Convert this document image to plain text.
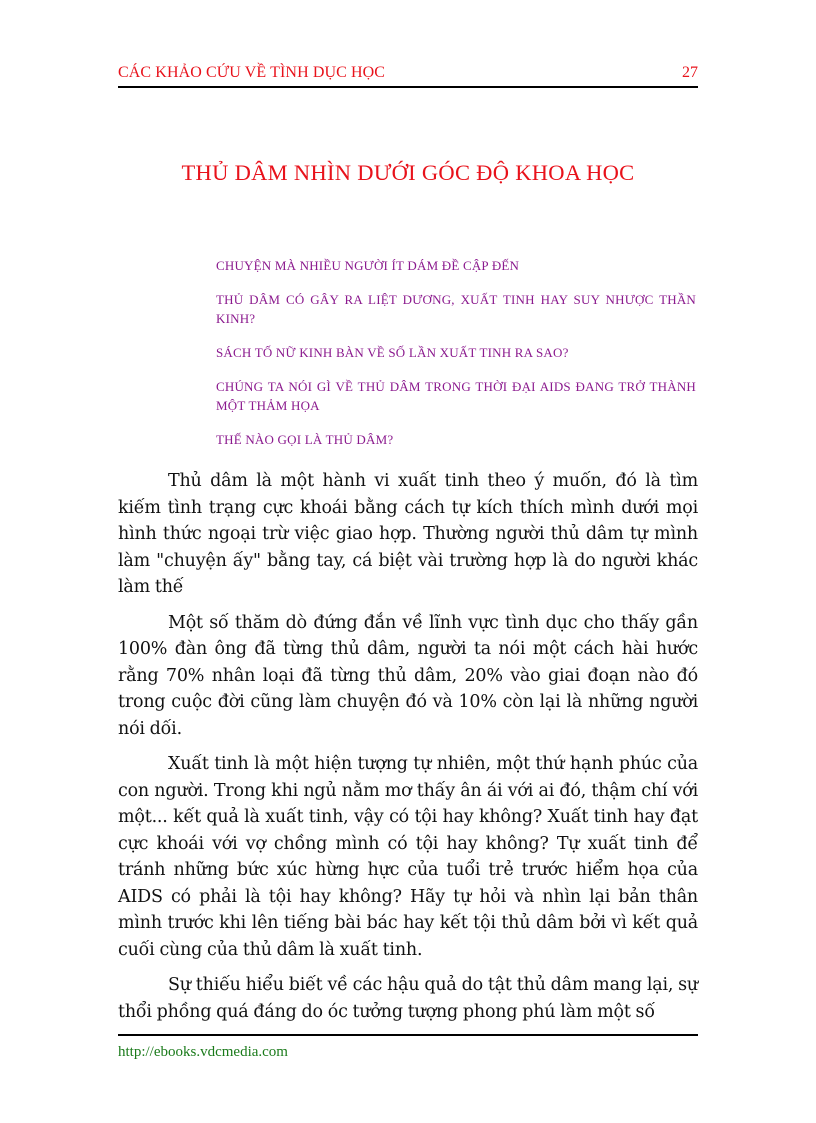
CÁC KHẢO CỨU VỀ TÌNH DỤC HỌC	27
THỦ DÂM NHÌN DƯỚI GÓC ĐỘ KHOA HỌC
CHUYỆN MÀ NHIỀU NGƯỜI ÍT DÁM ĐỀ CẬP ĐẾN
THỦ DÂM CÓ GÂY RA LIỆT DƯƠNG, XUẤT TINH HAY SUY NHƯỢC THẦN KINH?
SÁCH TỐ NỮ KINH BÀN VỀ SỐ LẦN XUẤT TINH RA SAO?
CHÚNG TA NÓI GÌ VỀ THỦ DÂM TRONG THỜI ĐẠI AIDS ĐANG TRỞ THÀNH MỘT THẢM HỌA
THẾ NÀO GỌI LÀ THỦ DÂM?

Thủ dâm là một hành vi xuất tinh theo ý muốn, đó là tìm kiếm tình trạng cực khoái bằng cách tự kích thích mình dưới mọi hình thức ngoại trừ việc giao hợp. Thường người thủ dâm tự mình làm "chuyện ấy" bằng tay, cá biệt vài trường hợp là do người khác làm thế

Một số thăm dò đứng đắn về lĩnh vực tình dục cho thấy gần 100% đàn ông đã từng thủ dâm, người ta nói một cách hài hước rằng 70% nhân loại đã từng thủ dâm, 20% vào giai đoạn nào đó trong cuộc đời cũng làm chuyện đó và 10% còn lại là những người nói dối.

Xuất tinh là một hiện tượng tự nhiên, một thứ hạnh phúc của con người. Trong khi ngủ nằm mơ thấy ân ái với ai đó, thậm chí với một... kết quả là xuất tinh, vậy có tội hay không? Xuất tinh hay đạt cực khoái với vợ chồng mình có tội hay không? Tự xuất tinh để tránh những bức xúc hừng hực của tuổi trẻ trước hiểm họa của AIDS có phải là tội hay không? Hãy tự hỏi và nhìn lại bản thân mình trước khi lên tiếng bài bác hay kết tội thủ dâm bởi vì kết quả cuối cùng của thủ dâm là xuất tinh.

Sự thiếu hiểu biết về các hậu quả do tật thủ dâm mang lại, sự thổi phồng quá đáng do óc tưởng tượng phong phú làm một số

http://ebooks.vdcmedia.com
